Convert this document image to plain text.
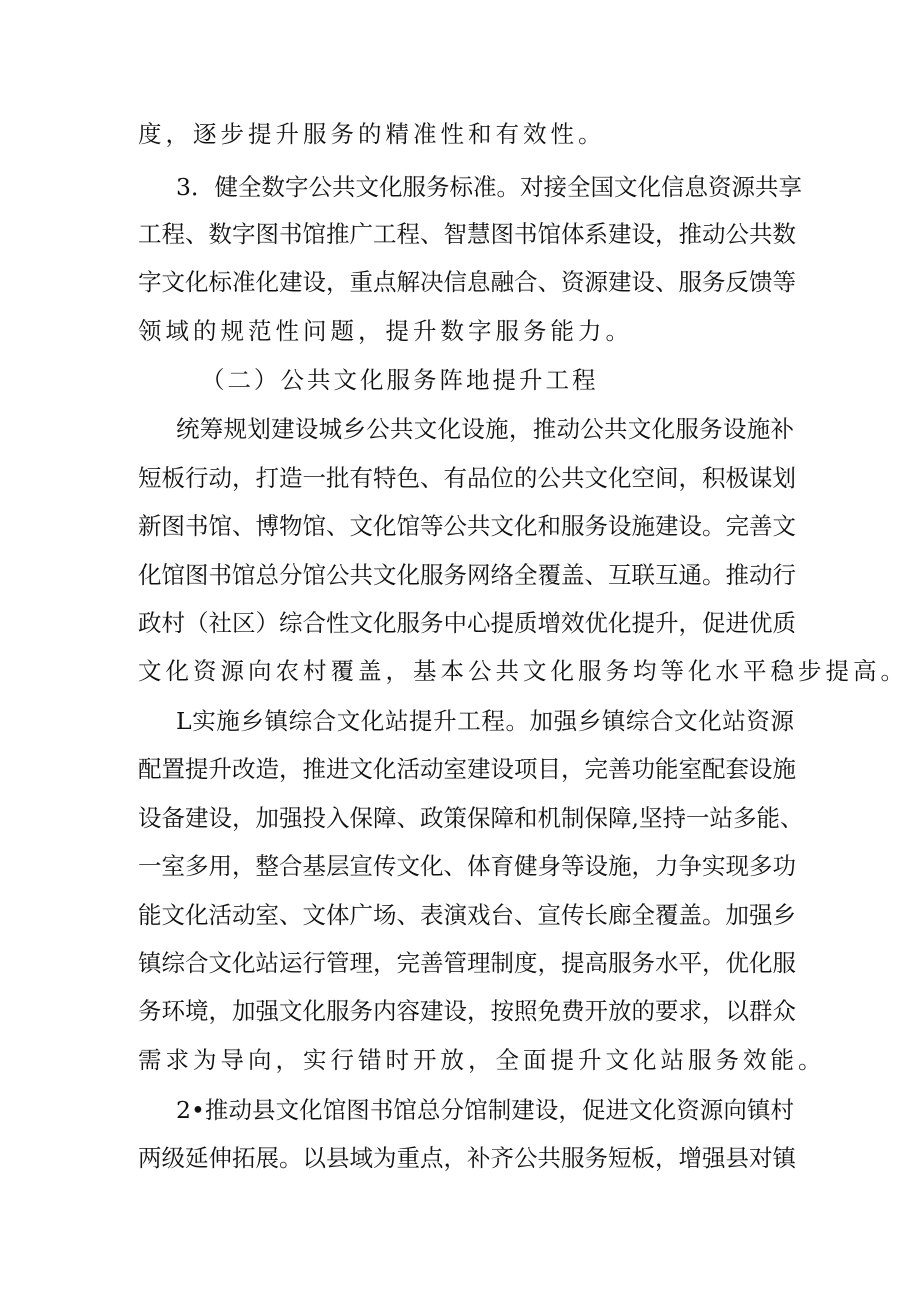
度，逐步提升服务的精准性和有效性。
3．健全数字公共文化服务标准。对接全国文化信息资源共享
工程、数字图书馆推广工程、智慧图书馆体系建设，推动公共数
字文化标准化建设，重点解决信息融合、资源建设、服务反馈等
领域的规范性问题，提升数字服务能力。
（二）公共文化服务阵地提升工程
统筹规划建设城乡公共文化设施，推动公共文化服务设施补
短板行动，打造一批有特色、有品位的公共文化空间，积极谋划
新图书馆、博物馆、文化馆等公共文化和服务设施建设。完善文
化馆图书馆总分馆公共文化服务网络全覆盖、互联互通。推动行
政村（社区）综合性文化服务中心提质增效优化提升，促进优质
文化资源向农村覆盖，基本公共文化服务均等化水平稳步提高。
L实施乡镇综合文化站提升工程。加强乡镇综合文化站资源
配置提升改造，推进文化活动室建设项目，完善功能室配套设施
设备建设，加强投入保障、政策保障和机制保障,坚持一站多能、
一室多用，整合基层宣传文化、体育健身等设施，力争实现多功
能文化活动室、文体广场、表演戏台、宣传长廊全覆盖。加强乡
镇综合文化站运行管理，完善管理制度，提高服务水平，优化服
务环境，加强文化服务内容建设，按照免费开放的要求，以群众
需求为导向，实行错时开放，全面提升文化站服务效能。
2•推动县文化馆图书馆总分馆制建设，促进文化资源向镇村
两级延伸拓展。以县域为重点，补齐公共服务短板，增强县对镇
